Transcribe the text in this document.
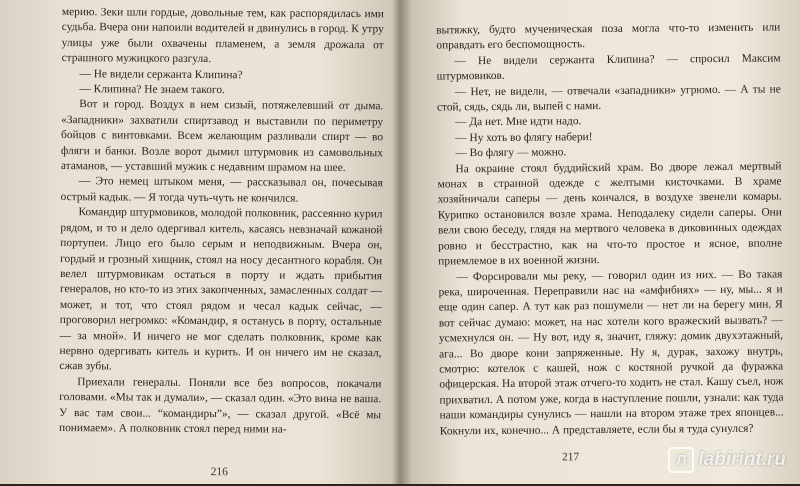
мерию. Зеки шли гордые, довольные тем, как распорядилась ими судьба. Вчера они напоили водителей и двинулись в город. К утру улицы уже были охвачены пламенем, а земля дрожала от страшного мужицкого разгула.

— Не видели сержанта Клипина?

— Клипина? Не знаем такого.

Вот и город. Воздух в нем сизый, потяжелевший от дыма. «Западники» захватили спиртзавод и выставили по периметру бойцов с винтовками. Всем желающим разливали спирт — во фляги и банки. Возле ворот дымил штурмовик из самовольных атаманов, — уставший мужик с недавним шрамом на шее.

— Это немец штыком меня, — рассказывал он, почесывая острый кадык. — Я тогда чуть-чуть не кончился.

Командир штурмовиков, молодой полковник, рассеянно курил рядом, и то и дело одергивал китель, касаясь невзначай кожаной портупеи. Лицо его было серым и неподвижным. Вчера он, гордый и грозный хищник, стоял на носу десантного корабля. Он велел штурмовикам остаться в порту и ждать прибытия генералов, но кто-то из этих закопченных, замасленных солдат — может, и тот, что стоял рядом и чесал кадык сейчас, — проговорил негромко: «Командир, я останусь в порту, остальные — за мной». И ничего не мог сделать полковник, кроме как нервно одергивать китель и курить. И он ничего им не сказал, сжав зубы.

Приехали генералы. Поняли все без вопросов, покачали головами. «Мы так и думали», — сказал один. «Это вина не ваша. У вас там свои... “командиры”», — сказал другой. «Всё мы понимаем». А полковник стоял перед ними на-

216

вытяжку, будто мученическая поза могла что-то изменить или оправдать его беспомощность.

— Не видели сержанта Клипина? — спросил Максим штурмовиков.

— Нет, не видели, — отвечали «западники» угрюмо. — А ты не стой, сядь, сядь ли, выпей с нами.

— Да нет. Мне идти надо.

— Ну хоть во флягу набери!

— Во флягу — можно.

На окраине стоял буддийский храм. Во дворе лежал мертвый монах в странной одежде с желтыми кисточками. В храме хозяйничали саперы — день кончался, в воздухе звенели комары. Курипко остановился возле храма. Неподалеку сидели саперы. Они вели свою беседу, глядя на мертвого человека в диковинных одеждах ровно и бесстрастно, как на что-то простое и ясное, вполне приемлемое в их военной жизни.

— Форсировали мы реку, — говорил один из них. — Во такая река, широченная. Переправили нас на «амфибиях» — ну, мы... я и еще один сапер. А тут как раз пошумели — нет ли на берегу мин. Я вот сейчас думаю: может, на нас хотели кого вражеский вызвать? — усмехнулся он. — Ну вот, иду я, значит, гляжу: домик двухэтажный, ага... Во дворе кони запряженные. Ну я, дурак, захожу внутрь, смотрю: котелок с кашей, нож с костяной ручкой да фуражка офицерская. На второй этаж отчего-то ходить не стал. Кашу съел, нож прихватил. А потом уже, когда в наступление пошли, узнали: как туда наши командиры сунулись — нашли на втором этаже трех японцев... Кокнули их, конечно... А представляете, если бы я туда сунулся?

217	Л labirint.ru
